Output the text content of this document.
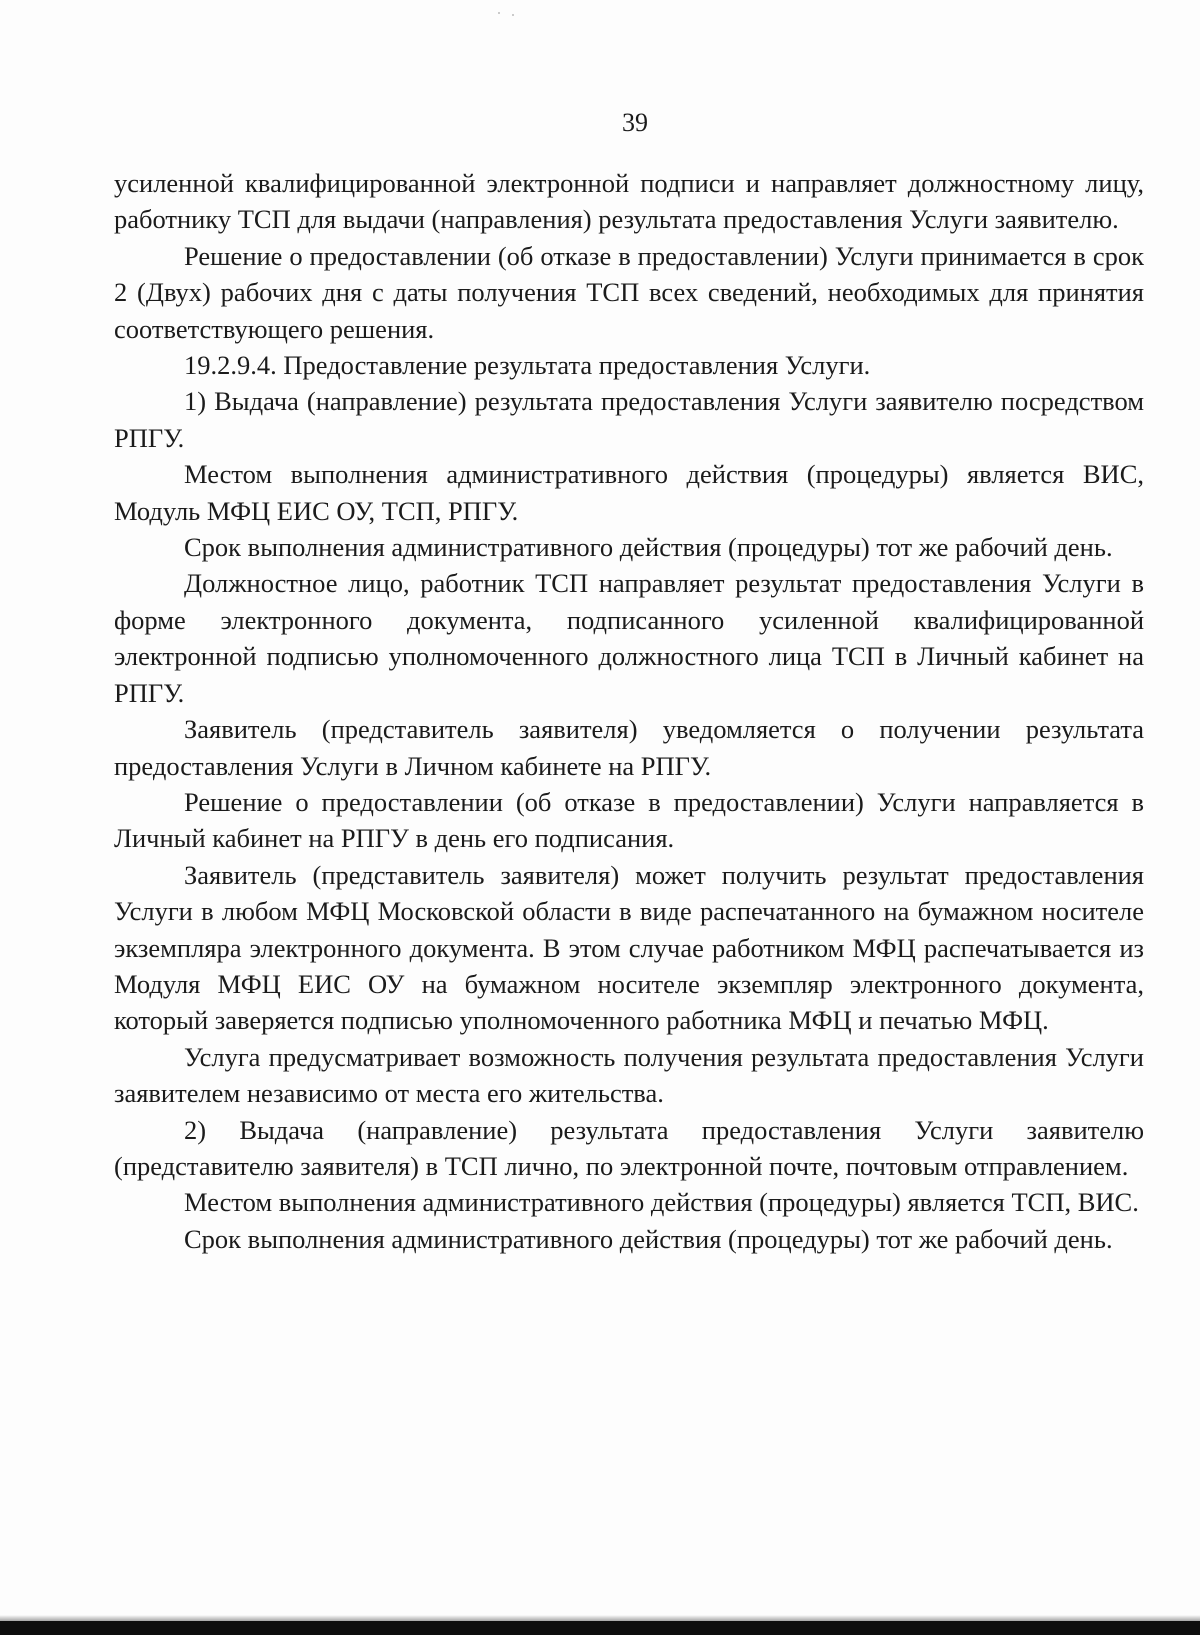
39

усиленной квалифицированной электронной подписи и направляет должностному лицу, работнику ТСП для выдачи (направления) результата предоставления Услуги заявителю.

Решение о предоставлении (об отказе в предоставлении) Услуги принимается в срок 2 (Двух) рабочих дня с даты получения ТСП всех сведений, необходимых для принятия соответствующего решения.

19.2.9.4. Предоставление результата предоставления Услуги.

1) Выдача (направление) результата предоставления Услуги заявителю посредством РПГУ.

Местом выполнения административного действия (процедуры) является ВИС, Модуль МФЦ ЕИС ОУ, ТСП, РПГУ.

Срок выполнения административного действия (процедуры) тот же рабочий день.

Должностное лицо, работник ТСП направляет результат предоставления Услуги в форме электронного документа, подписанного усиленной квалифицированной электронной подписью уполномоченного должностного лица ТСП в Личный кабинет на РПГУ.

Заявитель (представитель заявителя) уведомляется о получении результата предоставления Услуги в Личном кабинете на РПГУ.

Решение о предоставлении (об отказе в предоставлении) Услуги направляется в Личный кабинет на РПГУ в день его подписания.

Заявитель (представитель заявителя) может получить результат предоставления Услуги в любом МФЦ Московской области в виде распечатанного на бумажном носителе экземпляра электронного документа. В этом случае работником МФЦ распечатывается из Модуля МФЦ ЕИС ОУ на бумажном носителе экземпляр электронного документа, который заверяется подписью уполномоченного работника МФЦ и печатью МФЦ.

Услуга предусматривает возможность получения результата предоставления Услуги заявителем независимо от места его жительства.

2) Выдача (направление) результата предоставления Услуги заявителю (представителю заявителя) в ТСП лично, по электронной почте, почтовым отправлением.

Местом выполнения административного действия (процедуры) является ТСП, ВИС.

Срок выполнения административного действия (процедуры) тот же рабочий день.
